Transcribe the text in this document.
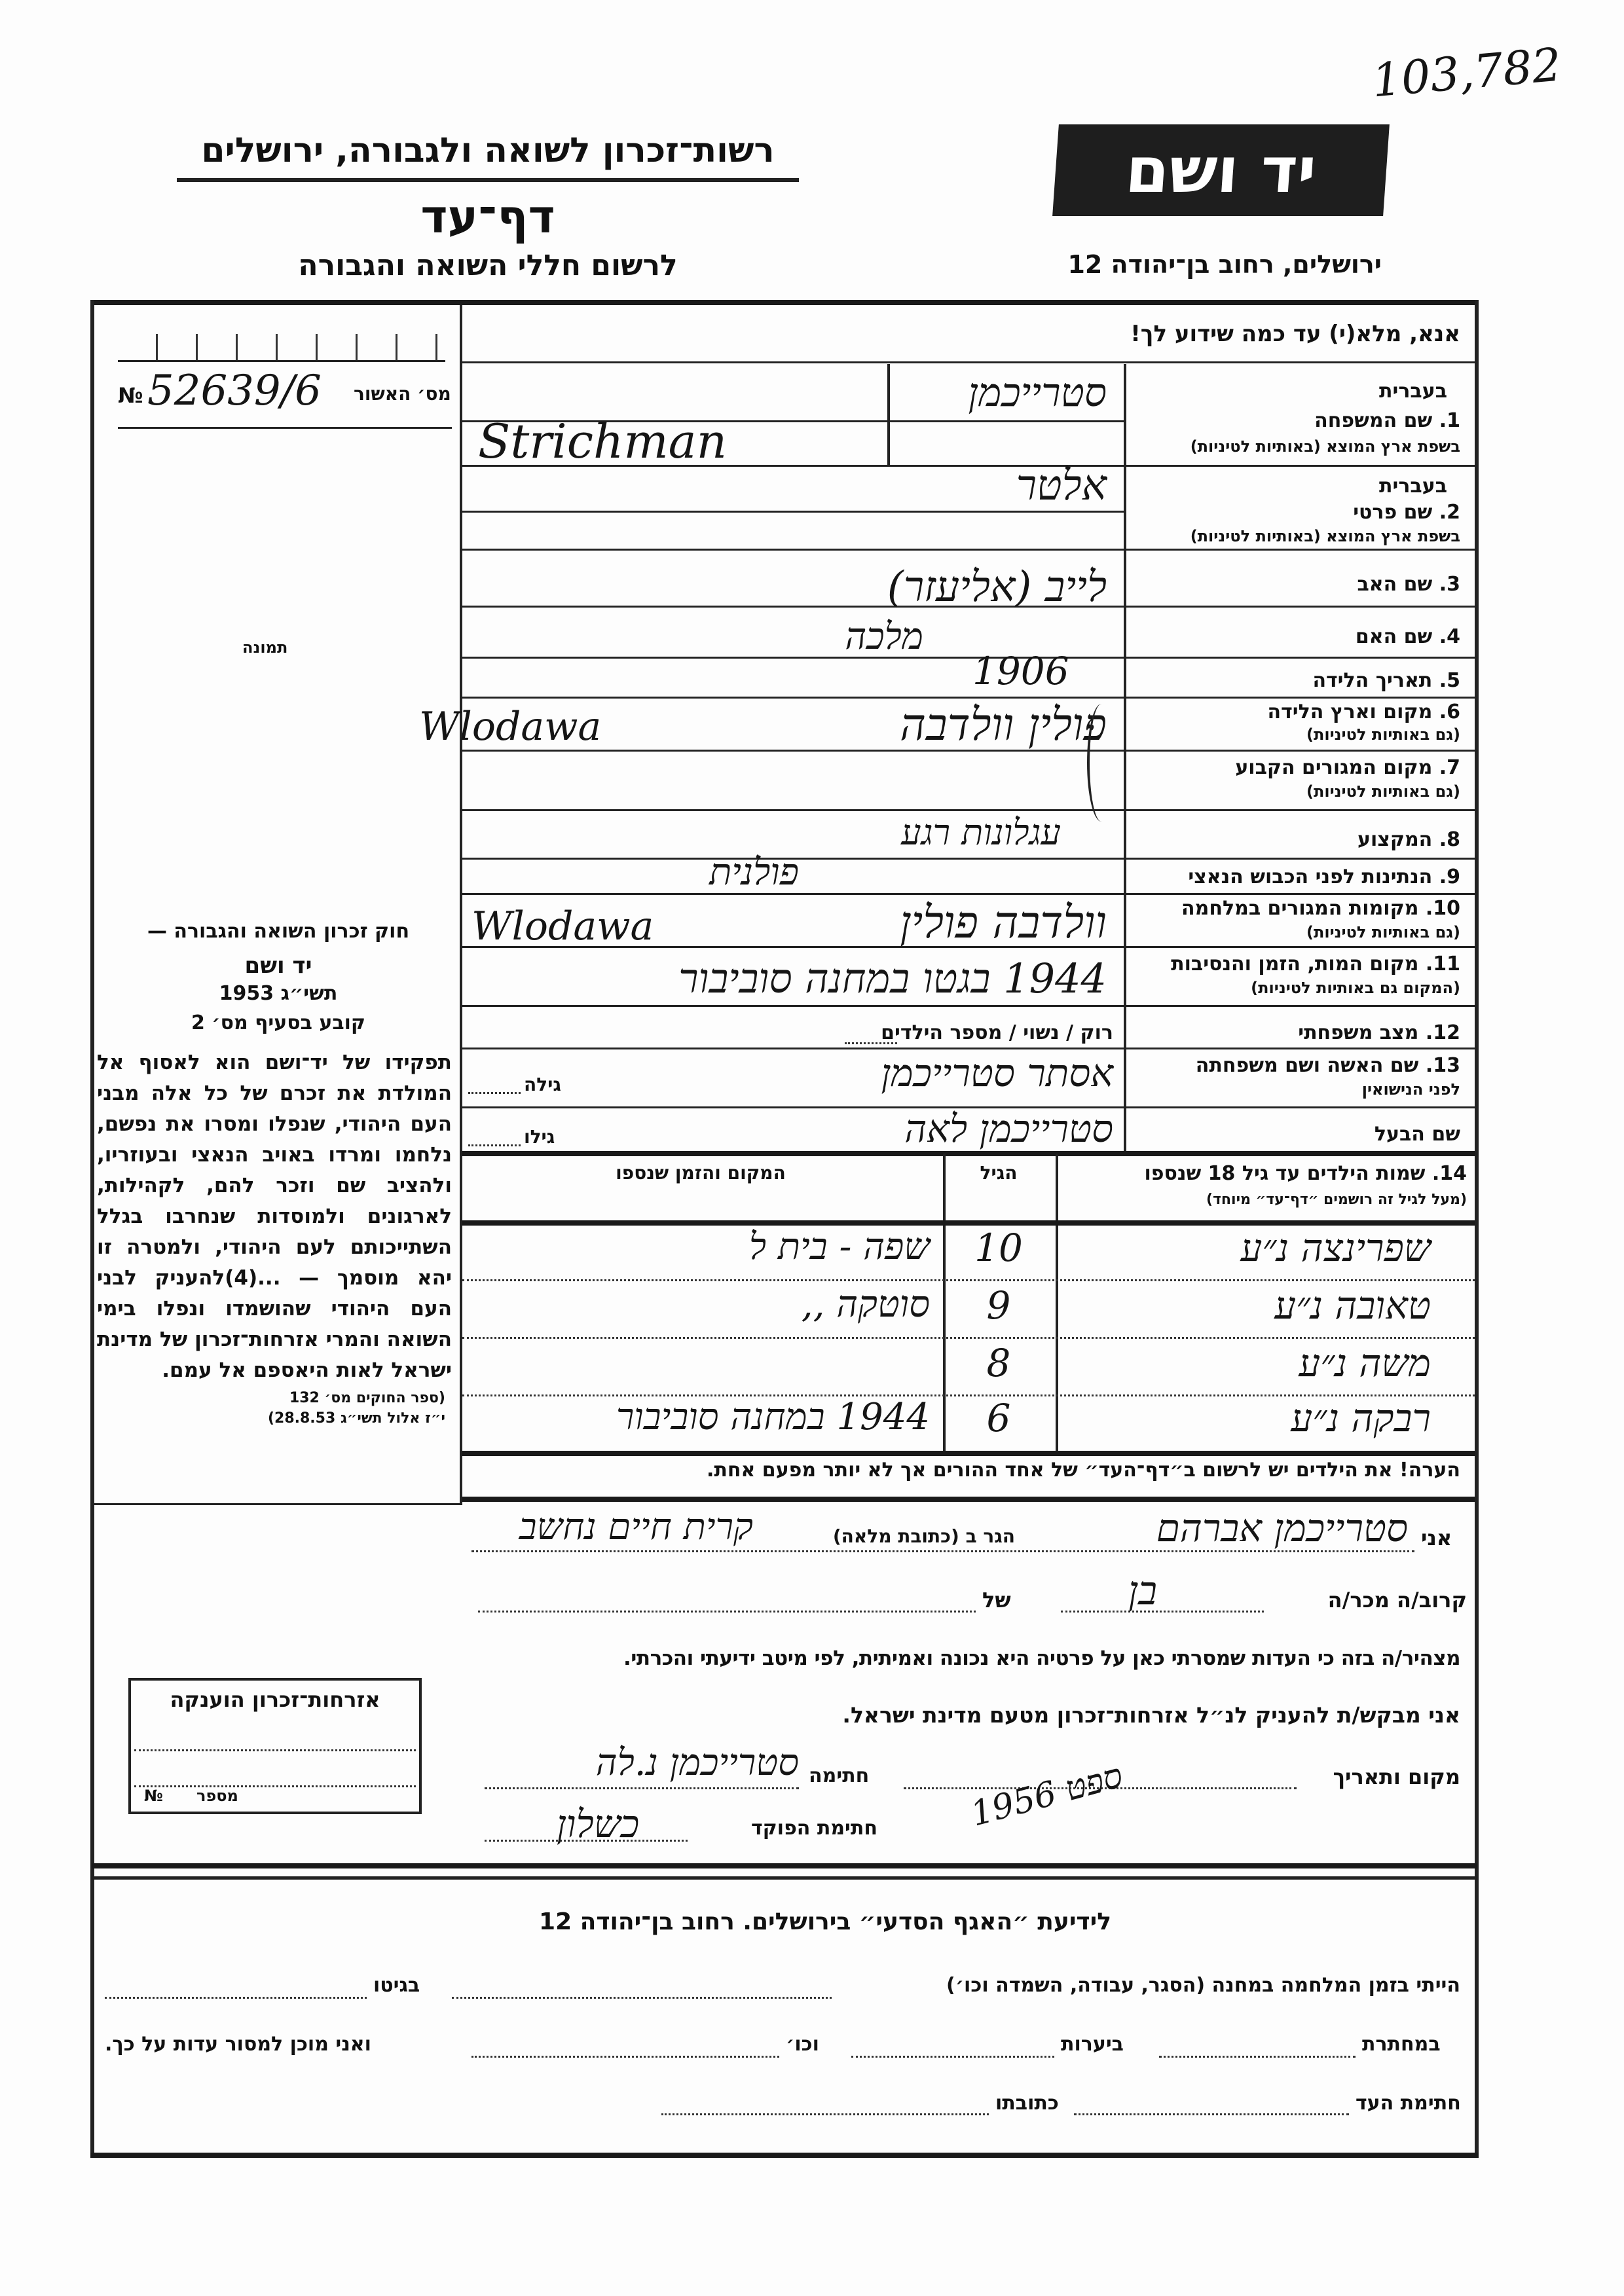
103,782
רשות־זכרון לשואה ולגבורה, ירושלים
דף־עד
לרשום חללי השואה והגבורה
יד ושם
ירושלים, רחוב בן־יהודה 12
אנא, מלא(י) עד כמה שידוע לך!
מס׳ האשור
№ 52639/6
תמונה
חוק זכרון השואה והגבורה —
יד ושם
תשי״ג 1953
קובע בסעיף מס׳ 2
תפקידו של יד־ושם הוא לאסוף אל המולדת את זכרם של כל אלה מבני העם היהודי, שנפלו ומסרו את נפשם, נלחמו ומרדו באויב הנאצי ובעוזריו, ולהציב שם וזכר להם, לקהילות, לארגונים ולמוסדות שנחרבו בגלל השתייכותם לעם היהודי, ולמטרה זו יהא מוסמך — ...(4)להעניק לבני העם היהודי שהושמדו ונפלו בימי השואה והמרי אזרחות־זכרון של מדינת ישראל לאות היאספם אל עמם.
(ספר החוקים מס׳ 132
י״ז אלול תשי״ג 28.8.53)
אזרחות־זכרון הוענקה
מספר
№
בעברית
1. שם המשפחה
בשפת ארץ המוצא (באותיות לטיניות)
סטרייכמן
Strichman
בעברית
2. שם פרטי
בשפת ארץ המוצא (באותיות לטיניות)
אלטר
3. שם האב
לייב (אליעזר)
4. שם האם
מלכה
5. תאריך הלידה
1906
6. מקום וארץ הלידה
(גם באותיות לטיניות)
פולין וולדבה
Wlodawa
7. מקום המגורים הקבוע
(גם באותיות לטיניות)
8. המקצוע
עגלונות רגע
9. הנתינות לפני הכבוש הנאצי
פולנית
10. מקומות המגורים במלחמה
(גם באותיות לטיניות)
וולדבה פולין
Wlodawa
11. מקום המות, הזמן והנסיבות
(המקום גם באותיות לטיניות)
1944 בגטו במחנה סוביבור
12. מצב משפחתי
רוק / נשוי / מספר הילדים
13. שם האשה ושם משפחתה
לפני הנישואין
גילה	אסתר סטרייכמן
שם הבעל
גילו	סטרייכמן לאה
14. שמות הילדים עד גיל 18 שנספו
(מעל לגיל זה רושמים ״דף־עד״ מיוחד)
הגיל
המקום והזמן שנספו
שפרינצה נ״ע
10
שפה - בית ל
טאובה נ״ע
9
סוטקה ,,
משה נ״ע
8
רבקה נ״ע
6
1944 במחנה סוביבור
הערה! את הילדים יש לרשום ב״דף־העד״ של אחד ההורים אך לא יותר מפעם אחת.
אני
סטרייכמן אברהם
הגר ב (כתובת מלאה)
קרית חיים נחשב
קרוב/ה מכר/ה
בן
של
מצהיר/ה בזה כי העדות שמסרתי כאן על פרטיה היא נכונה ואמיתית, לפי מיטב ידיעתי והכרתי.
אני מבקש/ת להעניק לנ״ל אזרחות־זכרון מטעם מדינת ישראל.
מקום ותאריך
1956 ספט
חתימה
סטרייכמן נ.לה
חתימת הפוקד
כשלון
לידיעת ״האגף הסדעי״ בירושלים. רחוב בן־יהודה 12
הייתי בזמן המלחמה במחנה (הסגר, עבודה, השמדה וכו׳)
בגיטו
במחתרת
ביערות
וכו׳
ואני מוכן למסור עדות על כך.
חתימת העד
כתובתו
